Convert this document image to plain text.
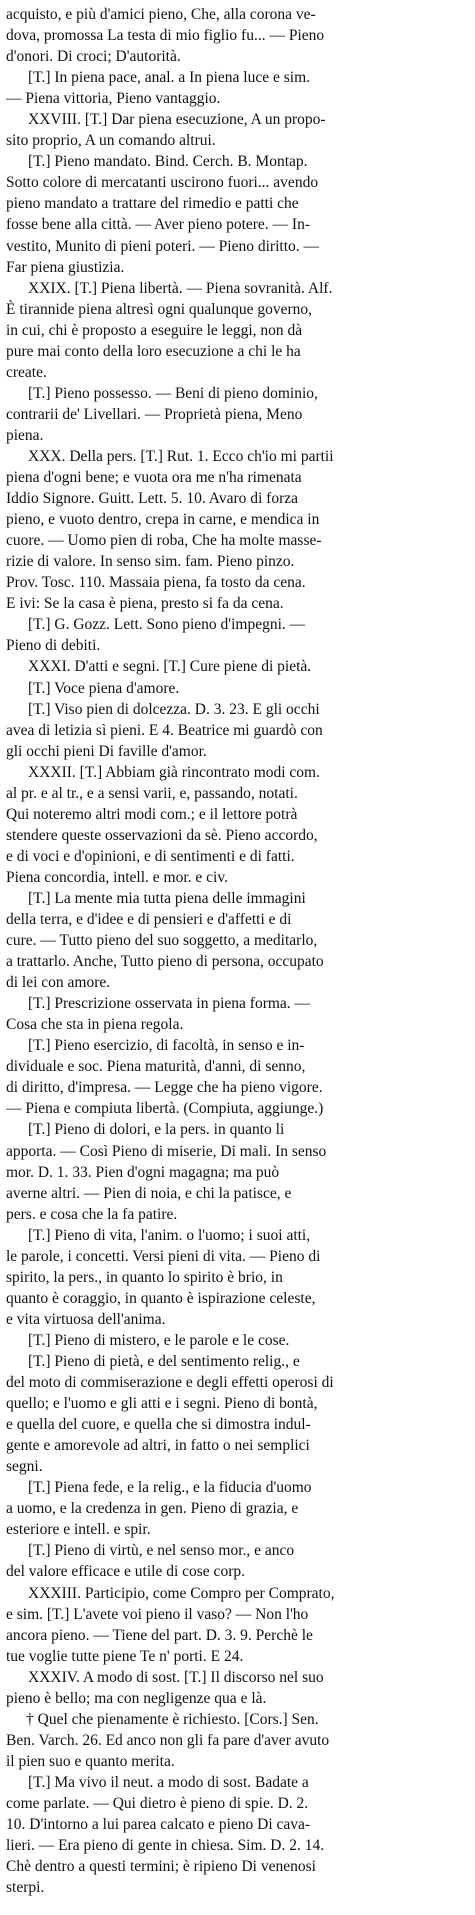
acquisto, e più d'amici pieno, Che, alla corona ve-
dova, promossa La testa di mio figlio fu... — Pieno
d'onori. Di croci; D'autorità.
[T.] In piena pace, anal. a In piena luce e sim.
— Piena vittoria, Pieno vantaggio.
XXVIII. [T.] Dar piena esecuzione, A un propo-
sito proprio, A un comando altrui.
[T.] Pieno mandato. Bind. Cerch. B. Montap.
Sotto colore di mercatanti uscirono fuori... avendo
pieno mandato a trattare del rimedio e patti che
fosse bene alla città. — Aver pieno potere. — In-
vestito, Munito di pieni poteri. — Pieno diritto. —
Far piena giustizia.
XXIX. [T.] Piena libertà. — Piena sovranità. Alf.
È tirannide piena altresì ogni qualunque governo,
in cui, chi è proposto a eseguire le leggi, non dà
pure mai conto della loro esecuzione a chi le ha
create.
[T.] Pieno possesso. — Beni di pieno dominio,
contrarii de' Livellari. — Proprietà piena, Meno
piena.
XXX. Della pers. [T.] Rut. 1. Ecco ch'io mi partii
piena d'ogni bene; e vuota ora me n'ha rimenata
Iddio Signore. Guitt. Lett. 5. 10. Avaro di forza
pieno, e vuoto dentro, crepa in carne, e mendica in
cuore. — Uomo pien di roba, Che ha molte masse-
rizie di valore. In senso sim. fam. Pieno pinzo.
Prov. Tosc. 110. Massaia piena, fa tosto da cena.
E ivi: Se la casa è piena, presto si fa da cena.
[T.] G. Gozz. Lett. Sono pieno d'impegni. —
Pieno di debiti.
XXXI. D'atti e segni. [T.] Cure piene di pietà.
[T.] Voce piena d'amore.
[T.] Viso pien di dolcezza. D. 3. 23. E gli occhi
avea di letizia sì pieni. E 4. Beatrice mi guardò con
gli occhi pieni Di faville d'amor.
XXXII. [T.] Abbiam già rincontrato modi com.
al pr. e al tr., e a sensi varii, e, passando, notati.
Qui noteremo altri modi com.; e il lettore potrà
stendere queste osservazioni da sè. Pieno accordo,
e di voci e d'opinioni, e di sentimenti e di fatti.
Piena concordia, intell. e mor. e civ.
[T.] La mente mia tutta piena delle immagini
della terra, e d'idee e di pensieri e d'affetti e di
cure. — Tutto pieno del suo soggetto, a meditarlo,
a trattarlo. Anche, Tutto pieno di persona, occupato
di lei con amore.
[T.] Prescrizione osservata in piena forma. —
Cosa che sta in piena regola.
[T.] Pieno esercizio, di facoltà, in senso e in-
dividuale e soc. Piena maturità, d'anni, di senno,
di diritto, d'impresa. — Legge che ha pieno vigore.
— Piena e compiuta libertà. (Compiuta, aggiunge.)
[T.] Pieno di dolori, e la pers. in quanto li
apporta. — Così Pieno di miserie, Di mali. In senso
mor. D. 1. 33. Pien d'ogni magagna; ma può
averne altri. — Pien di noia, e chi la patisce, e
pers. e cosa che la fa patire.
[T.] Pieno di vita, l'anim. o l'uomo; i suoi atti,
le parole, i concetti. Versi pieni di vita. — Pieno di
spirito, la pers., in quanto lo spirito è brio, in
quanto è coraggio, in quanto è ispirazione celeste,
e vita virtuosa dell'anima.
[T.] Pieno di mistero, e le parole e le cose.
[T.] Pieno di pietà, e del sentimento relig., e
del moto di commiserazione e degli effetti operosi di
quello; e l'uomo e gli atti e i segni. Pieno di bontà,
e quella del cuore, e quella che si dimostra indul-
gente e amorevole ad altri, in fatto o nei semplici
segni.
[T.] Piena fede, e la relig., e la fiducia d'uomo
a uomo, e la credenza in gen. Pieno di grazia, e
esteriore e intell. e spir.
[T.] Pieno di virtù, e nel senso mor., e anco
del valore efficace e utile di cose corp.
XXXIII. Participio, come Compro per Comprato,
e sim. [T.] L'avete voi pieno il vaso? — Non l'ho
ancora pieno. — Tiene del part. D. 3. 9. Perchè le
tue voglie tutte piene Te n' porti. E 24.
XXXIV. A modo di sost. [T.] Il discorso nel suo
pieno è bello; ma con negligenze qua e là.
† Quel che pienamente è richiesto. [Cors.] Sen.
Ben. Varch. 26. Ed anco non gli fa pare d'aver avuto
il pien suo e quanto merita.
[T.] Ma vivo il neut. a modo di sost. Badate a
come parlate. — Qui dietro è pieno di spie. D. 2.
10. D'intorno a lui parea calcato e pieno Di cava-
lieri. — Era pieno di gente in chiesa. Sim. D. 2. 14.
Chè dentro a questi termini; è ripieno Di venenosi
sterpi.
